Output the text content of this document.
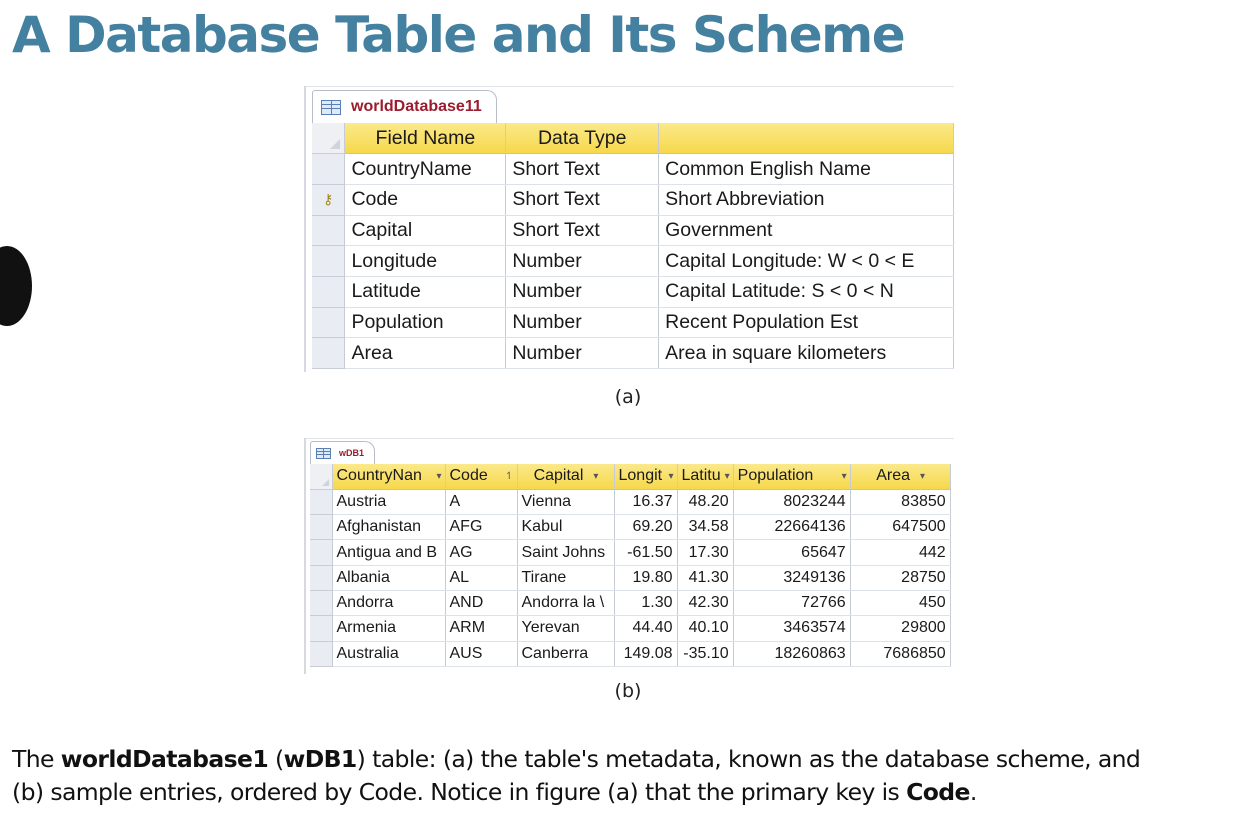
A Database Table and Its Scheme
worldDatabase11
	Field Name	Data Type	
	CountryName	Short Text	Common English Name

⚷	Code	Short Text	Short Abbreviation
	Capital	Short Text	Government
	Longitude	Number	Capital Longitude: W < 0 < E
	Latitude	Number	Capital Latitude: S < 0 < N
	Population	Number	Recent Population Est
	Area	Number	Area in square kilometers
(a)
wDB1

	CountryNan ▾	Code ↿	Capital ▾	Longit ▾	Latitu ▾	Population ▾	Area ▾

	Austria	A	Vienna	16.37	48.20	8023244	83850
	Afghanistan	AFG	Kabul	69.20	34.58	22664136	647500
	Antigua and B	AG	Saint Johns	-61.50	17.30	65647	442
	Albania	AL	Tirane	19.80	41.30	3249136	28750
	Andorra	AND	Andorra la \	1.30	42.30	72766	450
	Armenia	ARM	Yerevan	44.40	40.10	3463574	29800
	Australia	AUS	Canberra	149.08	-35.10	18260863	7686850
(b)

The worldDatabase1 (wDB1) table: (a) the table's metadata, known as the database scheme, and
(b) sample entries, ordered by Code. Notice in figure (a) that the primary key is Code.
